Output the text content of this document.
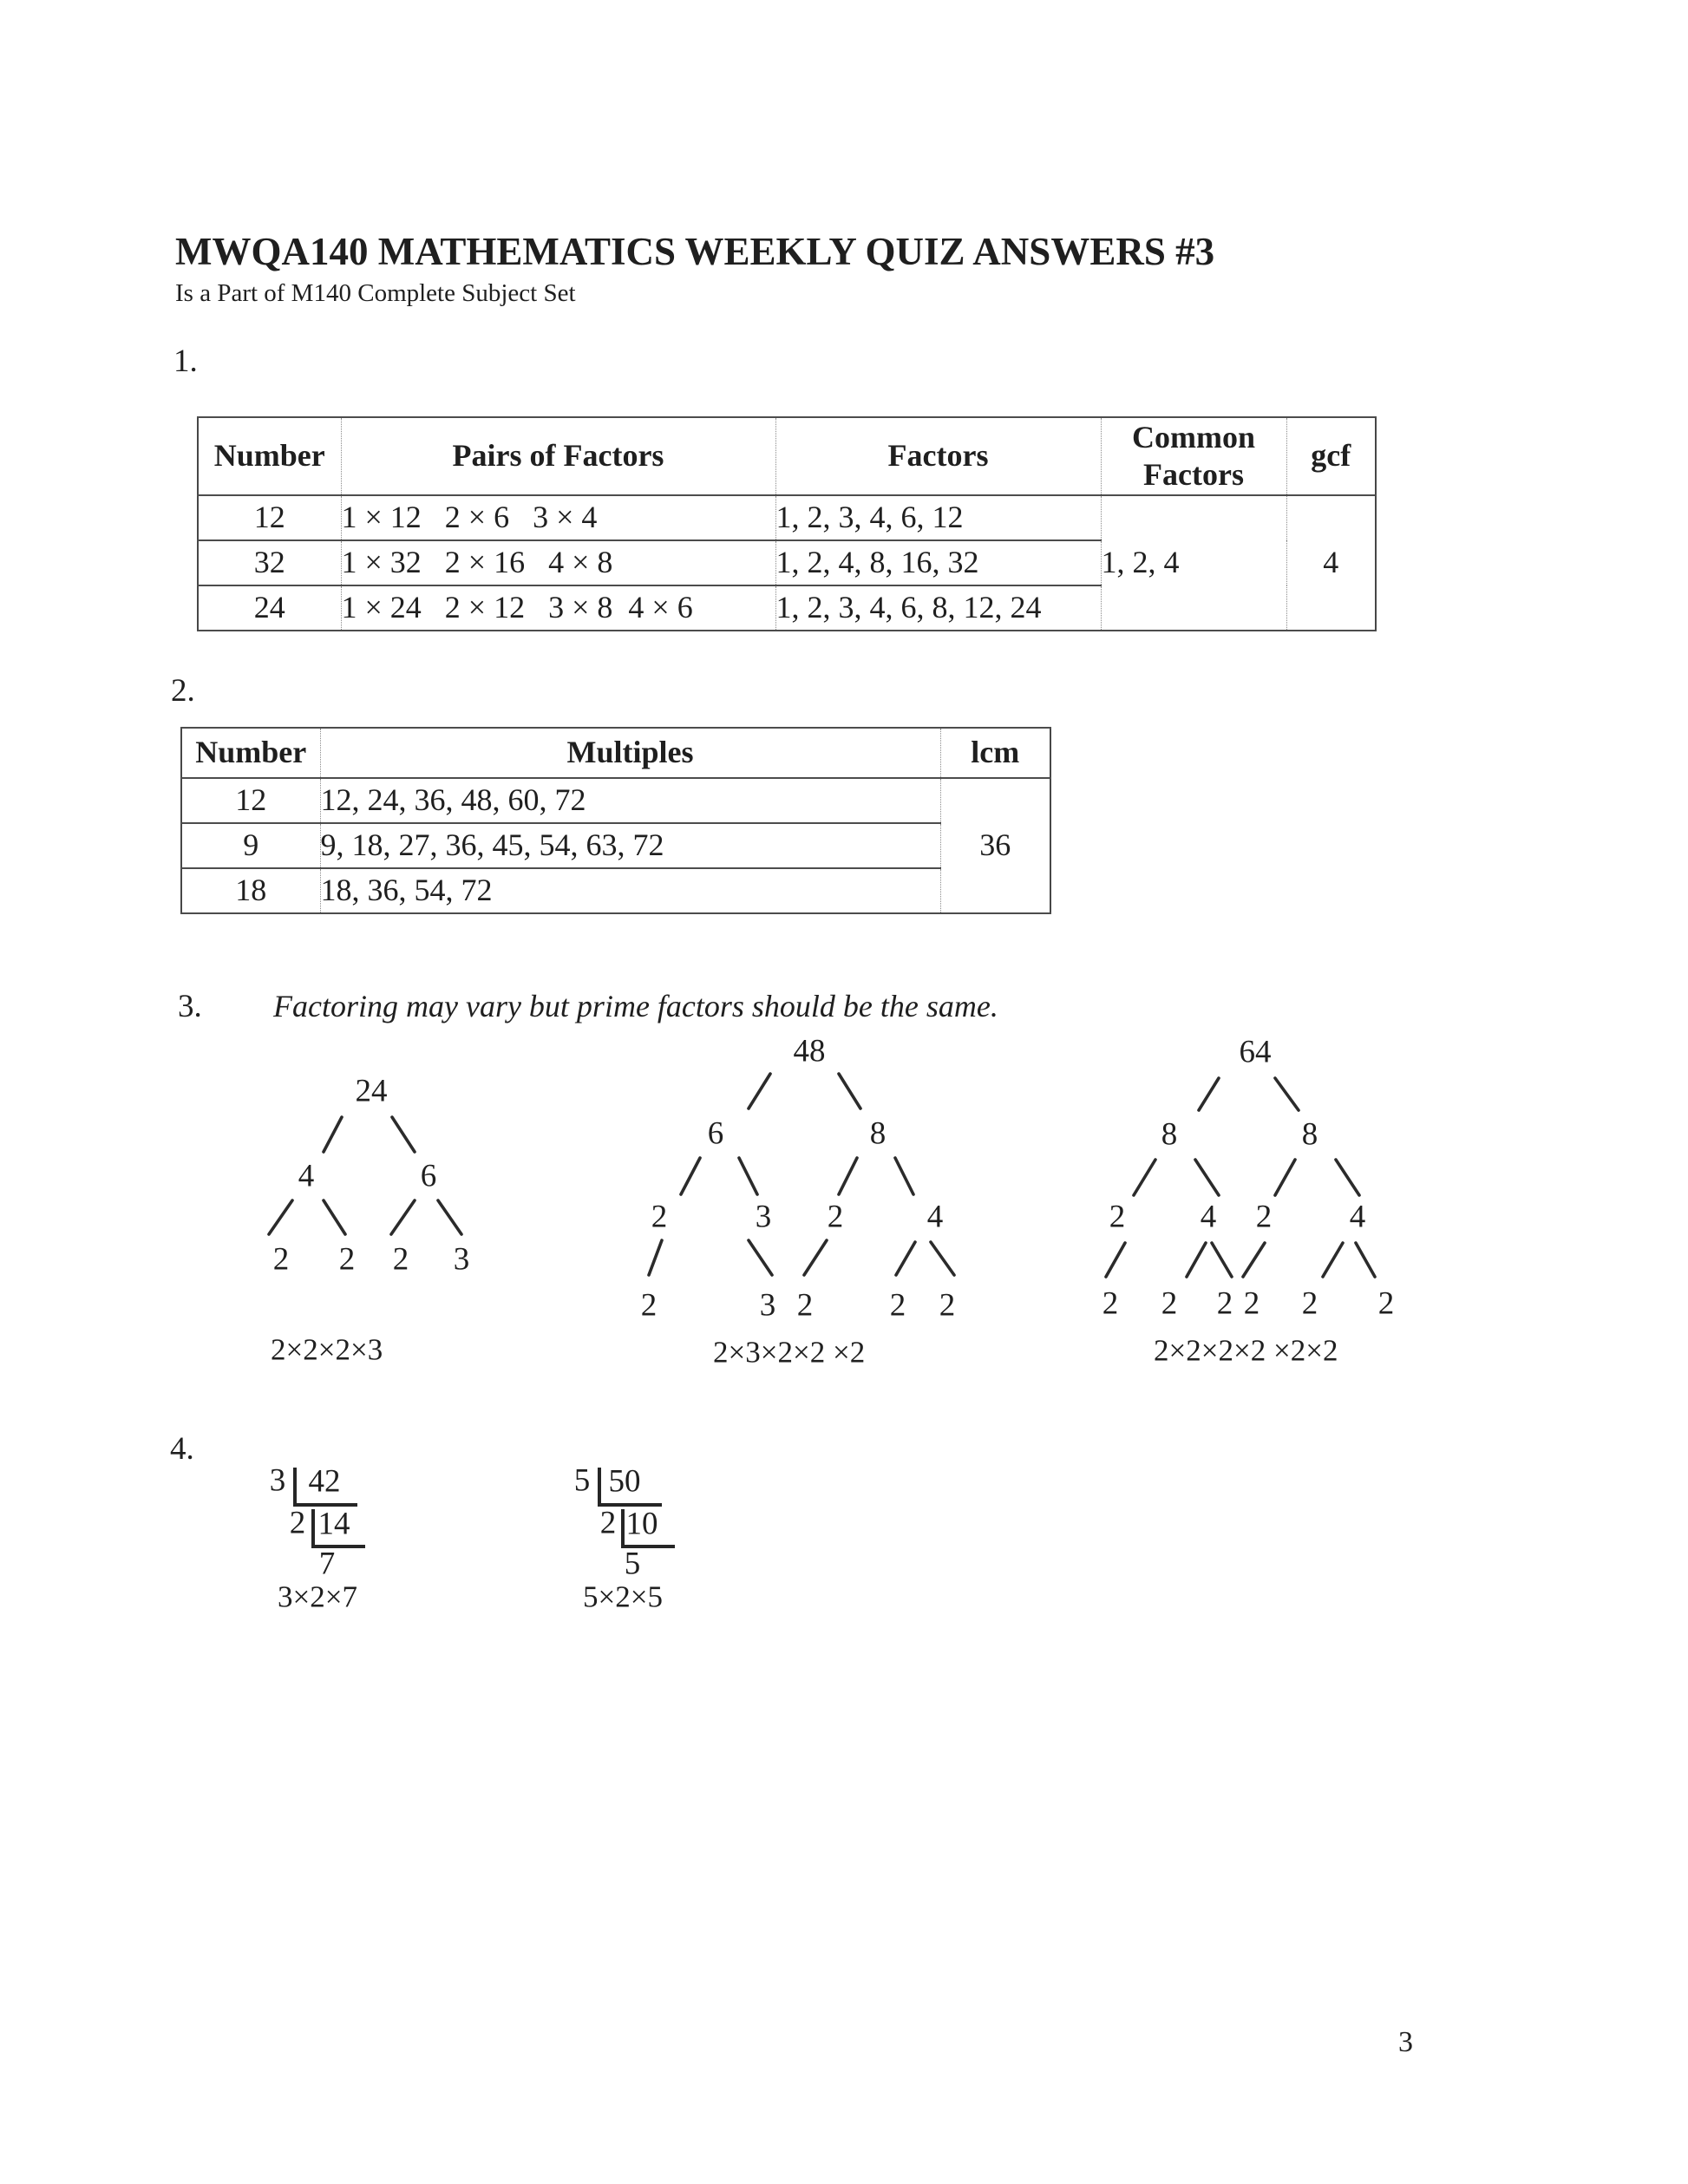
MWQA140 MATHEMATICS WEEKLY QUIZ ANSWERS #3
Is a Part of M140 Complete Subject Set
1.
Number	Pairs of Factors	Factors	Common Factors	gcf
12	1 × 12   2 × 6   3 × 4	1, 2, 3, 4, 6, 12	1, 2, 4	4
32	1 × 32   2 × 16   4 × 8	1, 2, 4, 8, 16, 32		
24	1 × 24   2 × 12   3 × 8  4 × 6	1, 2, 3, 4, 6, 8, 12, 24		
2.
Number	Multiples	lcm
12	12, 24, 36, 48, 60, 72	36
9	9, 18, 27, 36, 45, 54, 63, 72	
18	18, 36, 54, 72	
3. Factoring may vary but prime factors should be the same.
24
4	6
2 2 2 3
2×2×2×3
48
6	8
2	3 2	4
2	3 2 2 2
2×3×2×2 ×2
64
8	8
2 4 2 4
2 2 2 2 2 2
2×2×2×2 ×2×2
4.
3 42
2 14
7
3×2×7
5 50
2 10
5
5×2×5
3
